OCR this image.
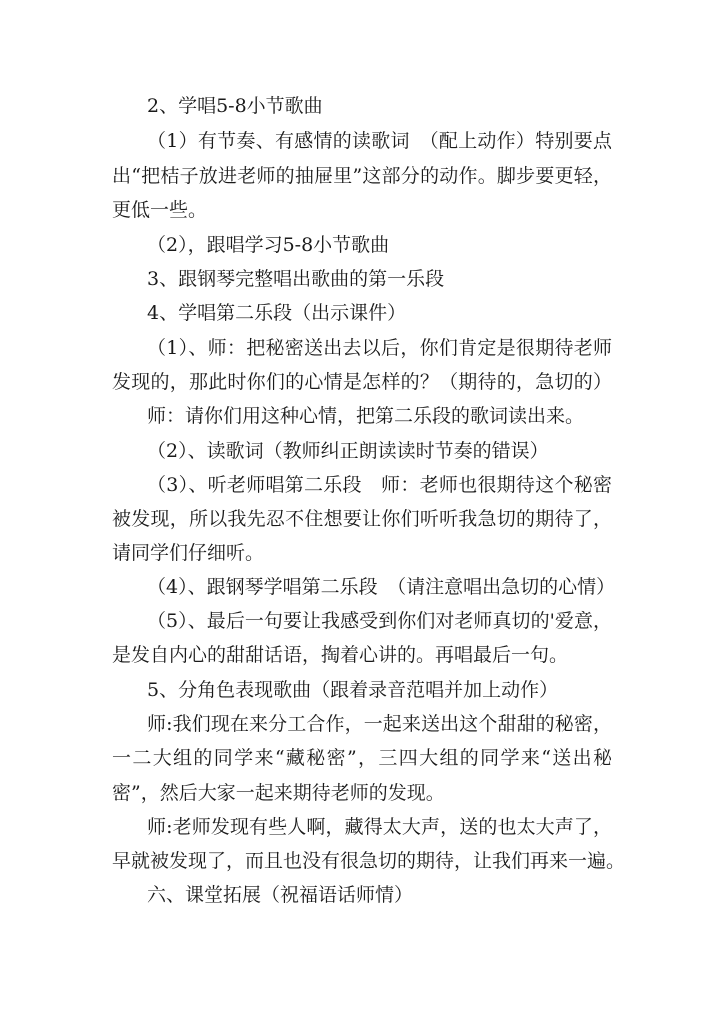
2、学唱5-8小节歌曲

（1）有节奏、有感情的读歌词　（配上动作）特别要点

出“把桔子放进老师的抽屉里”这部分的动作。脚步要更轻，

更低一些。

（2），跟唱学习5-8小节歌曲

3、跟钢琴完整唱出歌曲的第一乐段

4、学唱第二乐段（出示课件）

（1）、师：把秘密送出去以后，你们肯定是很期待老师

发现的，那此时你们的心情是怎样的？（期待的，急切的）

师：请你们用这种心情，把第二乐段的歌词读出来。

（2）、读歌词（教师纠正朗读读时节奏的错误）

（3）、听老师唱第二乐段　师：老师也很期待这个秘密

被发现，所以我先忍不住想要让你们听听我急切的期待了，

请同学们仔细听。

（4）、跟钢琴学唱第二乐段　（请注意唱出急切的心情）

（5）、最后一句要让我感受到你们对老师真切的'爱意，

是发自内心的甜甜话语，掏着心讲的。再唱最后一句。

5、分角色表现歌曲（跟着录音范唱并加上动作）

师:我们现在来分工合作，一起来送出这个甜甜的秘密，

一二大组的同学来“藏秘密”，三四大组的同学来“送出秘

密”，然后大家一起来期待老师的发现。

师:老师发现有些人啊，藏得太大声，送的也太大声了，

早就被发现了，而且也没有很急切的期待，让我们再来一遍。

六、课堂拓展（祝福语话师情）
